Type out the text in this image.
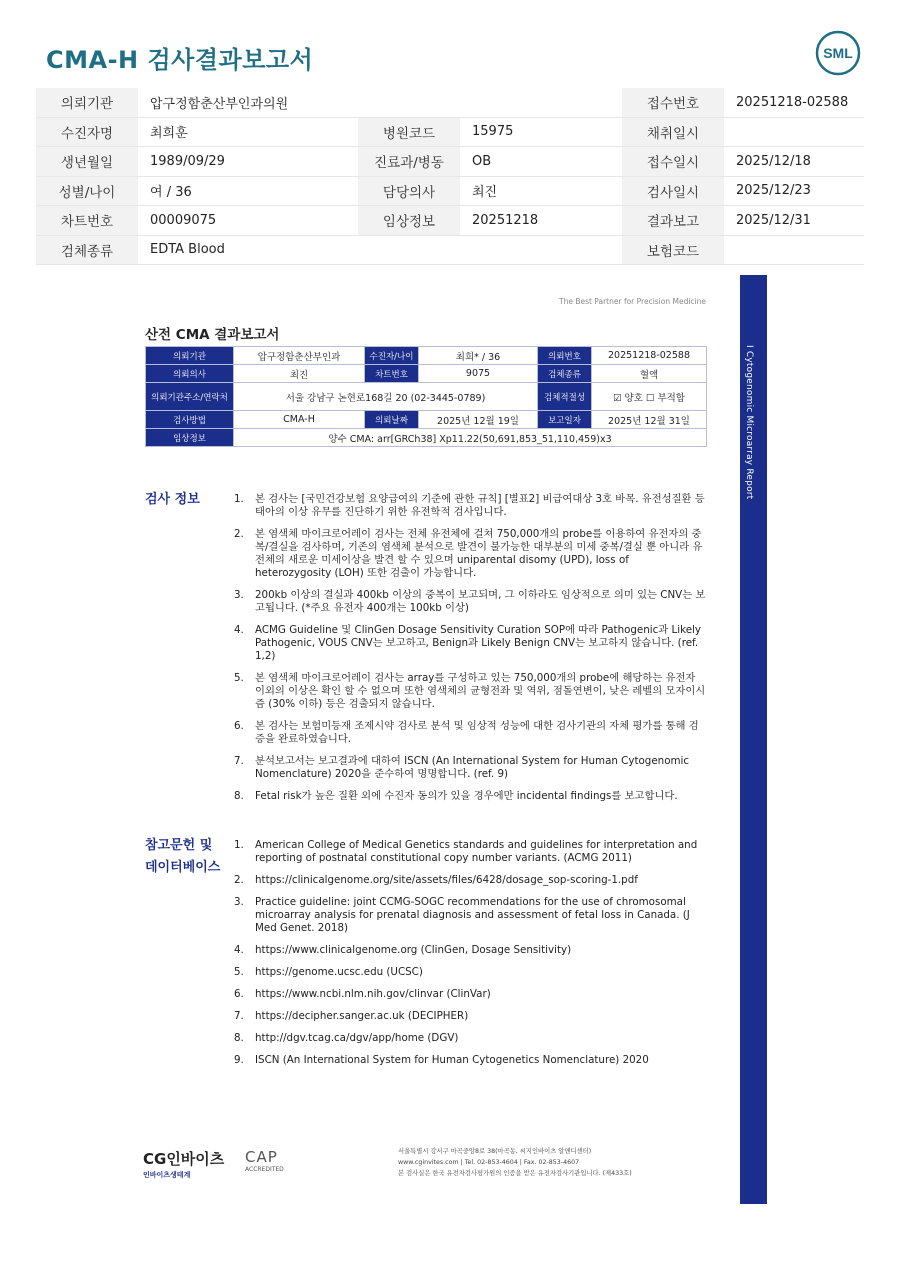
CMA-H 검사결과보고서	SML
의뢰기관	압구정함춘산부인과의원			접수번호	20251218-02588
수진자명	최희훈	병원코드	15975	채취일시	
생년월일	1989/09/29	진료과/병동	OB	접수일시	2025/12/18
성별/나이	여 / 36	담당의사	최진	검사일시	2025/12/23
차트번호	00009075	임상정보	20251218	결과보고	2025/12/31
검체종류	EDTA Blood			보험코드	
I Cytogenomic Microarray Report
The Best Partner for Precision Medicine
산전 CMA 결과보고서
의뢰기관	압구정함춘산부인과	수진자/나이	최희* / 36	의뢰번호	20251218-02588
의뢰의사	최진	차트번호	9075	검체종류	혈액
의뢰기관주소/연락처	서울 강남구 논현로168길 20 (02-3445-0789)			검체적절성	☑ 양호 ☐ 부적합
검사방법	CMA-H	의뢰날짜	2025년 12월 19일	보고일자	2025년 12월 31일
임상정보	양수 CMA: arr[GRCh38] Xp11.22(50,691,853_51,110,459)x3				
검사 정보	1. 본 검사는 [국민건강보험 요양급여의 기준에 관한 규칙] [별표2] 비급여대상 3호 바목. 유전성질환 등 태아의 이상 유무를 진단하기 위한 유전학적 검사입니다.
2. 본 염색체 마이크로어레이 검사는 전체 유전체에 걸쳐 750,000개의 probe를 이용하여 유전자의 중복/결실을 검사하며, 기존의 염색체 분석으로 발견이 불가능한 대부분의 미세 중복/결실 뿐 아니라 유전체의 새로운 미세이상을 발견 할 수 있으며 uniparental disomy (UPD), loss of heterozygosity (LOH) 또한 검출이 가능합니다.
3. 200kb 이상의 결실과 400kb 이상의 중복이 보고되며, 그 이하라도 임상적으로 의미 있는 CNV는 보고됩니다. (*주요 유전자 400개는 100kb 이상)
4. ACMG Guideline 및 ClinGen Dosage Sensitivity Curation SOP에 따라 Pathogenic과 Likely Pathogenic, VOUS CNV는 보고하고, Benign과 Likely Benign CNV는 보고하지 않습니다. (ref. 1,2)
5. 본 염색체 마이크로어레이 검사는 array를 구성하고 있는 750,000개의 probe에 해당하는 유전자 이외의 이상은 확인 할 수 없으며 또한 염색체의 균형전좌 및 역위, 점돌연변이, 낮은 레벨의 모자이시즘 (30% 이하) 등은 검출되지 않습니다.
6. 본 검사는 보험미등재 조제시약 검사로 분석 및 임상적 성능에 대한 검사기관의 자체 평가를 통해 검증을 완료하였습니다.
7. 분석보고서는 보고결과에 대하여 ISCN (An International System for Human Cytogenomic Nomenclature) 2020을 준수하여 명명합니다. (ref. 9)
8. Fetal risk가 높은 질환 외에 수진자 동의가 있을 경우에만 incidental findings를 보고합니다.
참고문헌 및
데이터베이스
1. American College of Medical Genetics standards and guidelines for interpretation and reporting of postnatal constitutional copy number variants. (ACMG 2011)
2. https://clinicalgenome.org/site/assets/files/6428/dosage_sop-scoring-1.pdf
3. Practice guideline: joint CCMG-SOGC recommendations for the use of chromosomal microarray analysis for prenatal diagnosis and assessment of fetal loss in Canada. (J Med Genet. 2018)
4. https://www.clinicalgenome.org (ClinGen, Dosage Sensitivity)
5. https://genome.ucsc.edu (UCSC)
6. https://www.ncbi.nlm.nih.gov/clinvar (ClinVar)
7. https://decipher.sanger.ac.uk (DECIPHER)
8. http://dgv.tcag.ca/dgv/app/home (DGV)
9. ISCN (An International System for Human Cytogenetics Nomenclature) 2020
CG인바이츠
인바이츠생태계
CAP
ACCREDITED
서울특별시 강서구 마곡중앙8로 38(마곡동, 씨지인바이츠 알앤디센터)
www.cginvites.com | Tel. 02-853-4604 | Fax. 02-853-4607
본 검사실은 한국 유전자검사평가원의 인증을 받은 유전자검사기관입니다. (제433호)
